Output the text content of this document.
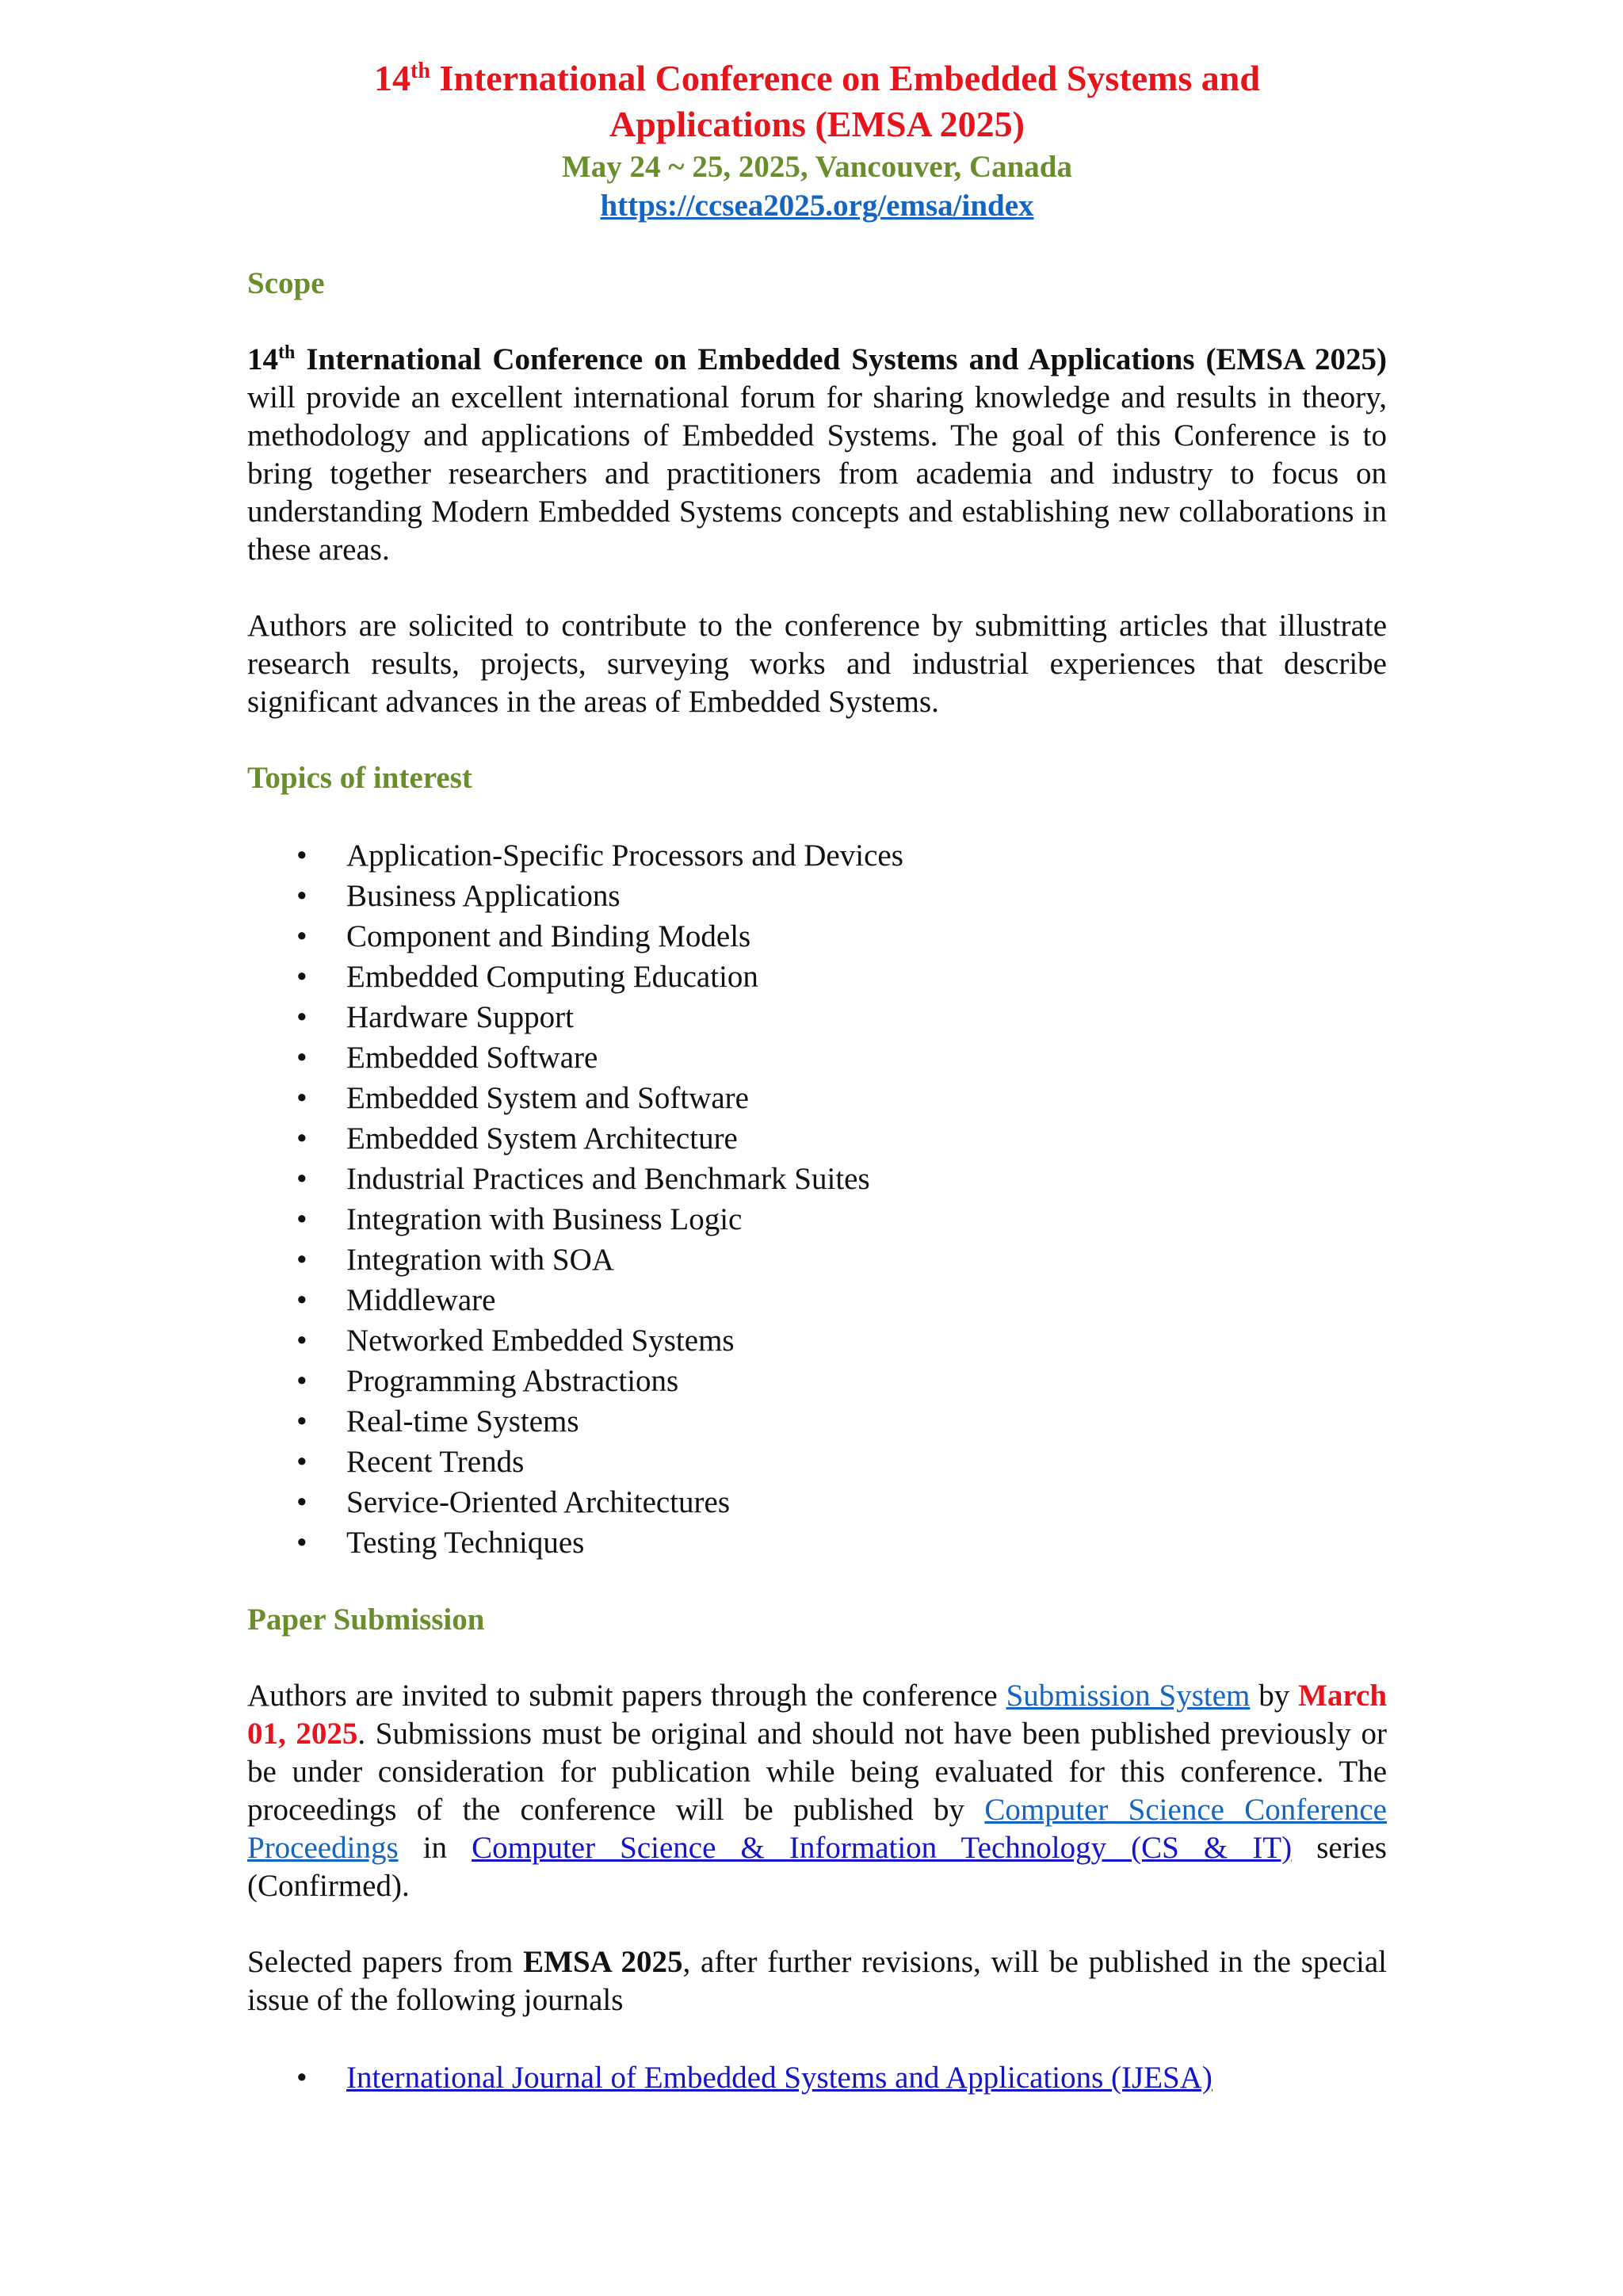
14th International Conference on Embedded Systems and
Applications (EMSA 2025)
May 24 ~ 25, 2025, Vancouver, Canada
https://ccsea2025.org/emsa/index
Scope

14th International Conference on Embedded Systems and Applications (EMSA 2025) will provide an excellent international forum for sharing knowledge and results in theory, methodology and applications of Embedded Systems. The goal of this Conference is to bring together researchers and practitioners from academia and industry to focus on understanding Modern Embedded Systems concepts and establishing new collaborations in these areas.

Authors are solicited to contribute to the conference by submitting articles that illustrate research results, projects, surveying works and industrial experiences that describe significant advances in the areas of Embedded Systems.

Topics of interest
• Application-Specific Processors and Devices
• Business Applications
• Component and Binding Models
• Embedded Computing Education
• Hardware Support
• Embedded Software
• Embedded System and Software
• Embedded System Architecture
• Industrial Practices and Benchmark Suites
• Integration with Business Logic
• Integration with SOA
• Middleware
• Networked Embedded Systems
• Programming Abstractions
• Real-time Systems
• Recent Trends
• Service-Oriented Architectures
• Testing Techniques
Paper Submission

Authors are invited to submit papers through the conference Submission System by March 01, 2025. Submissions must be original and should not have been published previously or be under consideration for publication while being evaluated for this conference. The proceedings of the conference will be published by Computer Science Conference Proceedings in Computer Science & Information Technology (CS & IT) series (Confirmed).

Selected papers from EMSA 2025, after further revisions, will be published in the special issue of the following journals

• International Journal of Embedded Systems and Applications (IJESA)
